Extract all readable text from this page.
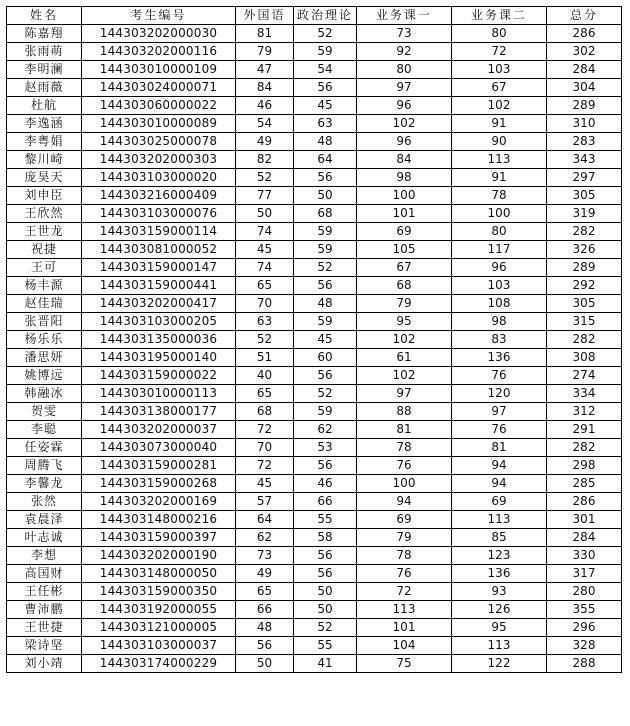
姓名	考生编号	外国语	政治理论	业务课一	业务课二	总分
陈嘉翔	144303202000030	81	52	73	80	286
张雨萌	144303202000116	79	59	92	72	302
李明澜	144303010000109	47	54	80	103	284
赵雨薇	144303024000071	84	56	97	67	304
杜航	144303060000022	46	45	96	102	289
李逸涵	144303010000089	54	63	102	91	310
李粤娟	144303025000078	49	48	96	90	283
黎川崎	144303202000303	82	64	84	113	343
庞昊天	144303103000020	52	56	98	91	297
刘申臣	144303216000409	77	50	100	78	305
王欣然	144303103000076	50	68	101	100	319
王世龙	144303159000114	74	59	69	80	282
祝捷	144303081000052	45	59	105	117	326
王可	144303159000147	74	52	67	96	289
杨丰源	144303159000441	65	56	68	103	292
赵佳瑞	144303202000417	70	48	79	108	305
张晋阳	144303103000205	63	59	95	98	315
杨乐乐	144303135000036	52	45	102	83	282
潘思妍	144303195000140	51	60	61	136	308
姚博远	144303159000022	40	56	102	76	274
韩融冰	144303010000113	65	52	97	120	334
贺雯	144303138000177	68	59	88	97	312
李聪	144303202000037	72	62	81	76	291
任姿霖	144303073000040	70	53	78	81	282
周腾飞	144303159000281	72	56	76	94	298
李馨龙	144303159000268	45	46	100	94	285
张然	144303202000169	57	66	94	69	286
袁晨泽	144303148000216	64	55	69	113	301
叶志诚	144303159000397	62	58	79	85	284
李想	144303202000190	73	56	78	123	330
高国财	144303148000050	49	56	76	136	317
王任彬	144303159000350	65	50	72	93	280
曹沛鹏	144303192000055	66	50	113	126	355
王世捷	144303121000005	48	52	101	95	296
梁诗坚	144303103000037	56	55	104	113	328
刘小靖	144303174000229	50	41	75	122	288
